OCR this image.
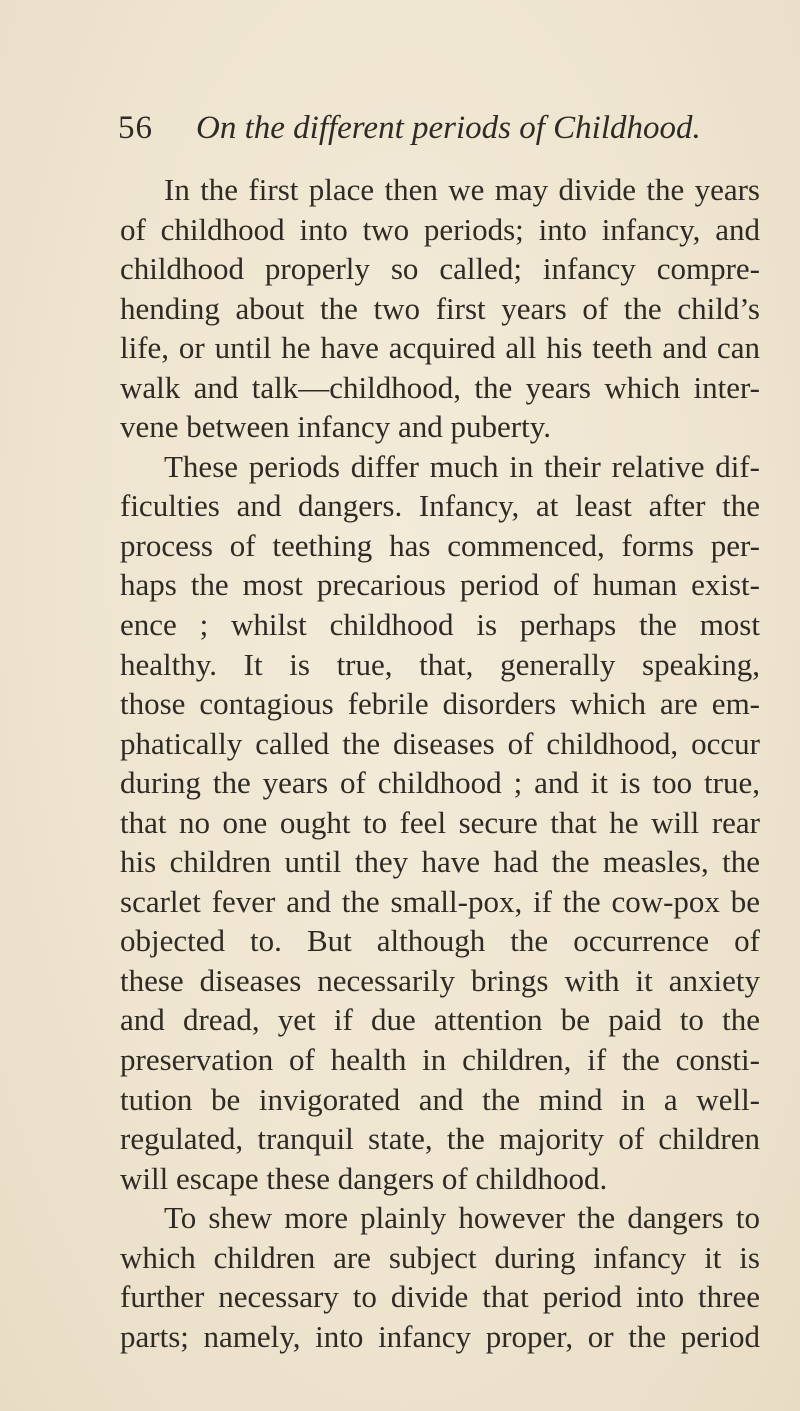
56 On the different periods of Childhood.
In the first place then we may divide the years
of childhood into two periods; into infancy, and
childhood properly so called; infancy compre-
hending about the two first years of the child’s
life, or until he have acquired all his teeth and can
walk and talk—childhood, the years which inter-
vene between infancy and puberty.
These periods differ much in their relative dif-
ficulties and dangers. Infancy, at least after the
process of teething has commenced, forms per-
haps the most precarious period of human exist-
ence ; whilst childhood is perhaps the most
healthy. It is true, that, generally speaking,
those contagious febrile disorders which are em-
phatically called the diseases of childhood, occur
during the years of childhood ; and it is too true,
that no one ought to feel secure that he will rear
his children until they have had the measles, the
scarlet fever and the small-pox, if the cow-pox be
objected to. But although the occurrence of
these diseases necessarily brings with it anxiety
and dread, yet if due attention be paid to the
preservation of health in children, if the consti-
tution be invigorated and the mind in a well-
regulated, tranquil state, the majority of children
will escape these dangers of childhood.
To shew more plainly however the dangers to
which children are subject during infancy it is
further necessary to divide that period into three
parts; namely, into infancy proper, or the period
